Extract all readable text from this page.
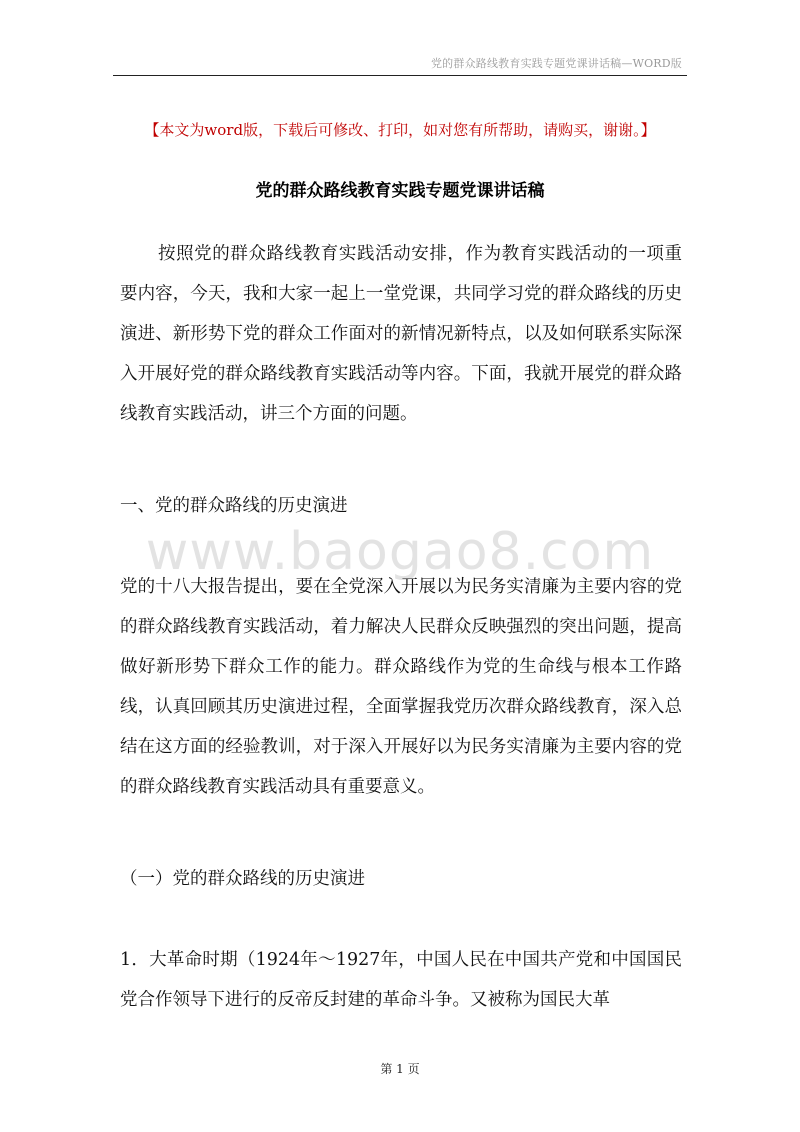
党的群众路线教育实践专题党课讲话稿—WORD版
【本文为word版，下载后可修改、打印，如对您有所帮助，请购买，谢谢。】
党的群众路线教育实践专题党课讲话稿

按照党的群众路线教育实践活动安排，作为教育实践活动的一项重要内容，今天，我和大家一起上一堂党课，共同学习党的群众路线的历史演进、新形势下党的群众工作面对的新情况新特点，以及如何联系实际深入开展好党的群众路线教育实践活动等内容。下面，我就开展党的群众路线教育实践活动，讲三个方面的问题。

一、党的群众路线的历史演进
www.baogao8.com

党的十八大报告提出，要在全党深入开展以为民务实清廉为主要内容的党的群众路线教育实践活动，着力解决人民群众反映强烈的突出问题，提高做好新形势下群众工作的能力。群众路线作为党的生命线与根本工作路线，认真回顾其历史演进过程，全面掌握我党历次群众路线教育，深入总结在这方面的经验教训，对于深入开展好以为民务实清廉为主要内容的党的群众路线教育实践活动具有重要意义。

（一）党的群众路线的历史演进

1．大革命时期（1924年～1927年，中国人民在中国共产党和中国国民党合作领导下进行的反帝反封建的革命斗争。又被称为国民大革

第 1 页
